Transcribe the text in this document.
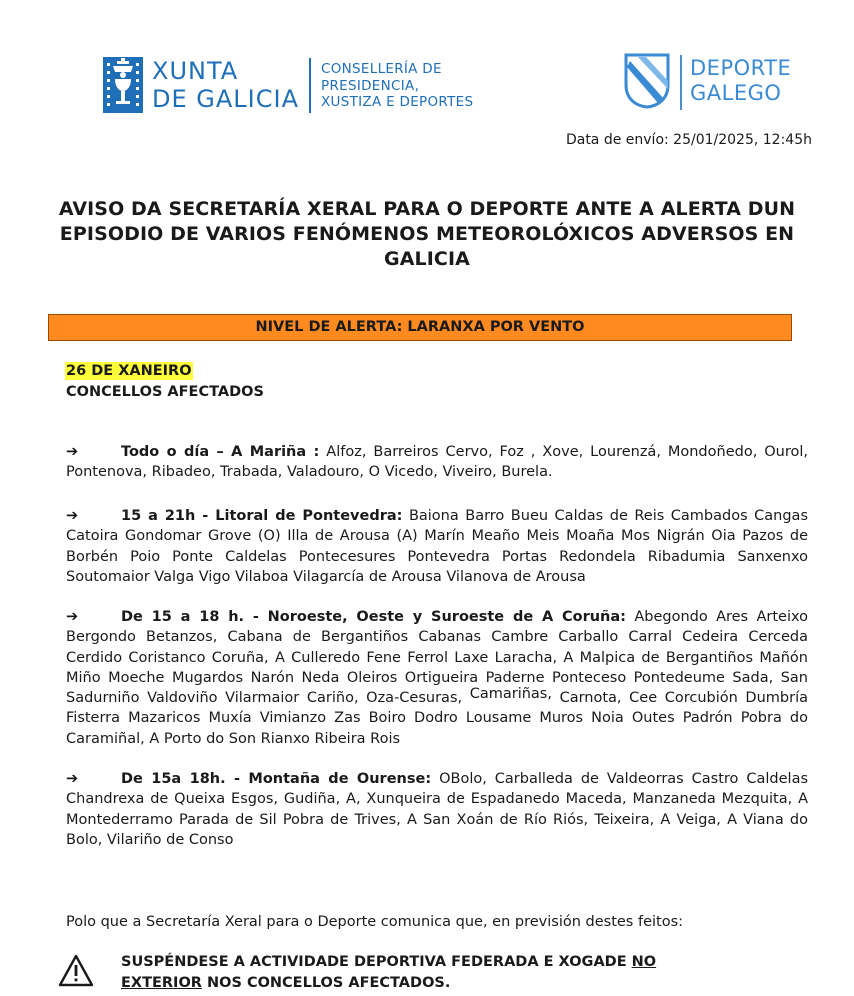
XUNTA
DE GALICIA
CONSELLERÍA DE
PRESIDENCIA,
XUSTIZA E DEPORTES
DEPORTE
GALEGO
Data de envío: 25/01/2025, 12:45h
AVISO DA SECRETARÍA XERAL PARA O DEPORTE ANTE A ALERTA DUN
EPISODIO DE VARIOS FENÓMENOS METEOROLÓXICOS ADVERSOS EN
GALICIA
NIVEL DE ALERTA: LARANXA POR VENTO
26 DE XANEIRO
CONCELLOS AFECTADOS
➔	Todo o día – A Mariña : Alfoz, Barreiros Cervo, Foz , Xove, Lourenzá, Mondoñedo, Ourol, Pontenova, Ribadeo, Trabada, Valadouro, O Vicedo, Viveiro, Burela.
➔	15 a 21h - Litoral de Pontevedra: Baiona Barro Bueu Caldas de Reis Cambados Cangas Catoira Gondomar Grove (O) Illa de Arousa (A) Marín Meaño Meis Moaña Mos Nigrán Oia Pazos de Borbén Poio Ponte Caldelas Pontecesures Pontevedra Portas Redondela Ribadumia Sanxenxo Soutomaior Valga Vigo Vilaboa Vilagarcía de Arousa Vilanova de Arousa
➔	De 15 a 18 h. - Noroeste, Oeste y Suroeste de A Coruña: Abegondo Ares Arteixo Bergondo Betanzos, Cabana de Bergantiños Cabanas Cambre Carballo Carral Cedeira Cerceda Cerdido Coristanco Coruña, A Culleredo Fene Ferrol Laxe Laracha, A Malpica de Bergantiños Mañón Miño Moeche Mugardos Narón Neda Oleiros Ortigueira Paderne Ponteceso Pontedeume Sada, San Sadurniño Valdoviño Vilarmaior Cariño, Oza-Cesuras, Camariñas, Carnota, Cee Corcubión Dumbría Fisterra Mazaricos Muxía Vimianzo Zas Boiro Dodro Lousame Muros Noia Outes Padrón Pobra do Caramiñal, A Porto do Son Rianxo Ribeira Rois
➔	De 15a 18h. - Montaña de Ourense: OBolo, Carballeda de Valdeorras Castro Caldelas Chandrexa de Queixa Esgos, Gudiña, A, Xunqueira de Espadanedo Maceda, Manzaneda Mezquita, A Montederramo Parada de Sil Pobra de Trives, A San Xoán de Río Riós, Teixeira, A Veiga, A Viana do Bolo, Vilariño de Conso
Polo que a Secretaría Xeral para o Deporte comunica que, en previsión destes feitos:
SUSPÉNDESE A ACTIVIDADE DEPORTIVA FEDERADA E XOGADE NO EXTERIOR NOS CONCELLOS AFECTADOS.
